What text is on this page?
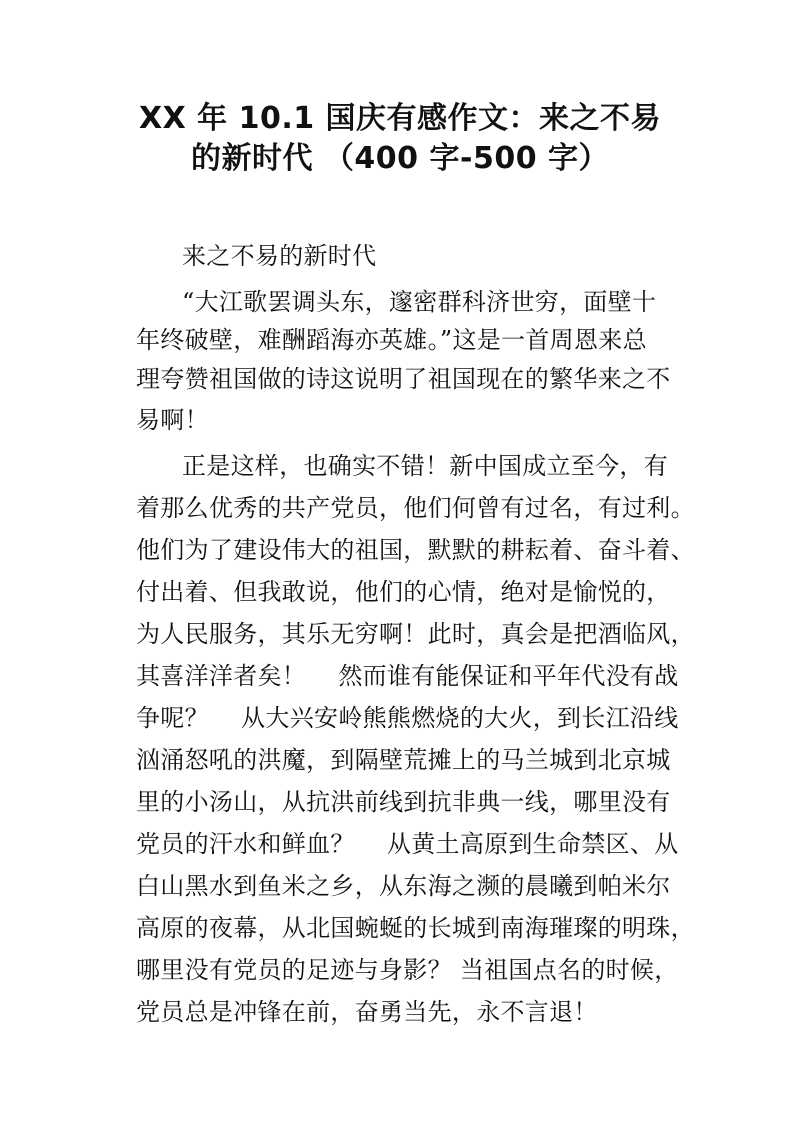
XX 年 10.1 国庆有感作文：来之不易
的新时代 （400 字-500 字）
来之不易的新时代
“大江歌罢调头东，邃密群科济世穷，面壁十
年终破壁，难酬蹈海亦英雄。”这是一首周恩来总
理夸赞祖国做的诗这说明了祖国现在的繁华来之不
易啊！
正是这样，也确实不错！新中国成立至今，有
着那么优秀的共产党员，他们何曾有过名，有过利。
他们为了建设伟大的祖国，默默的耕耘着、奋斗着、
付出着、但我敢说，他们的心情，绝对是愉悦的，
为人民服务，其乐无穷啊！此时，真会是把酒临风，
其喜洋洋者矣！　 然而谁有能保证和平年代没有战
争呢？　 从大兴安岭熊熊燃烧的大火，到长江沿线
汹涌怒吼的洪魔，到隔壁荒摊上的马兰城到北京城
里的小汤山，从抗洪前线到抗非典一线，哪里没有
党员的汗水和鲜血？　 从黄土高原到生命禁区、从
白山黑水到鱼米之乡，从东海之濒的晨曦到帕米尔
高原的夜幕，从北国蜿蜒的长城到南海璀璨的明珠，
哪里没有党员的足迹与身影？ 当祖国点名的时候，
党员总是冲锋在前，奋勇当先，永不言退！
